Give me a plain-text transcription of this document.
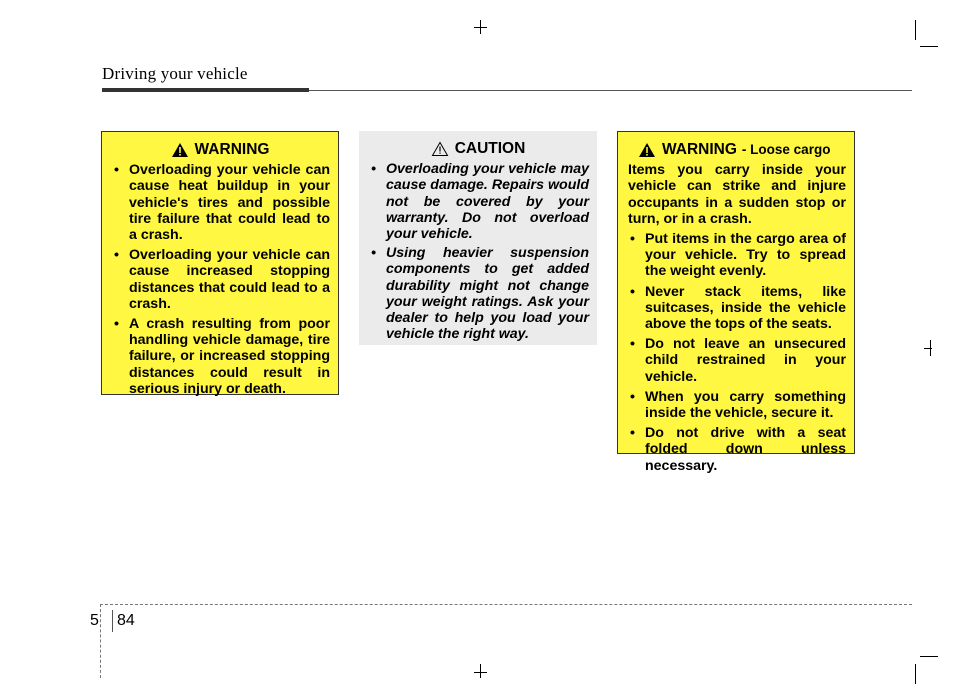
Driving your vehicle
WARNING
• Overloading your vehicle can cause heat buildup in your vehicle's tires and possible tire failure that could lead to a crash.
• Overloading your vehicle can cause increased stopping distances that could lead to a crash.
• A crash resulting from poor handling vehicle damage, tire failure, or increased stopping distances could result in serious injury or death.
CAUTION
• Overloading your vehicle may cause damage. Repairs would not be covered by your warranty. Do not overload your vehicle.
• Using heavier suspension components to get added durability might not change your weight ratings. Ask your dealer to help you load your vehicle the right way.
WARNING - Loose cargo

Items you carry inside your vehicle can strike and injure occupants in a sudden stop or turn, or in a crash.

• Put items in the cargo area of your vehicle. Try to spread the weight evenly.
• Never stack items, like suitcases, inside the vehicle above the tops of the seats.
• Do not leave an unsecured child restrained in your vehicle.
• When you carry something inside the vehicle, secure it.
• Do not drive with a seat folded down unless necessary.
5 84
